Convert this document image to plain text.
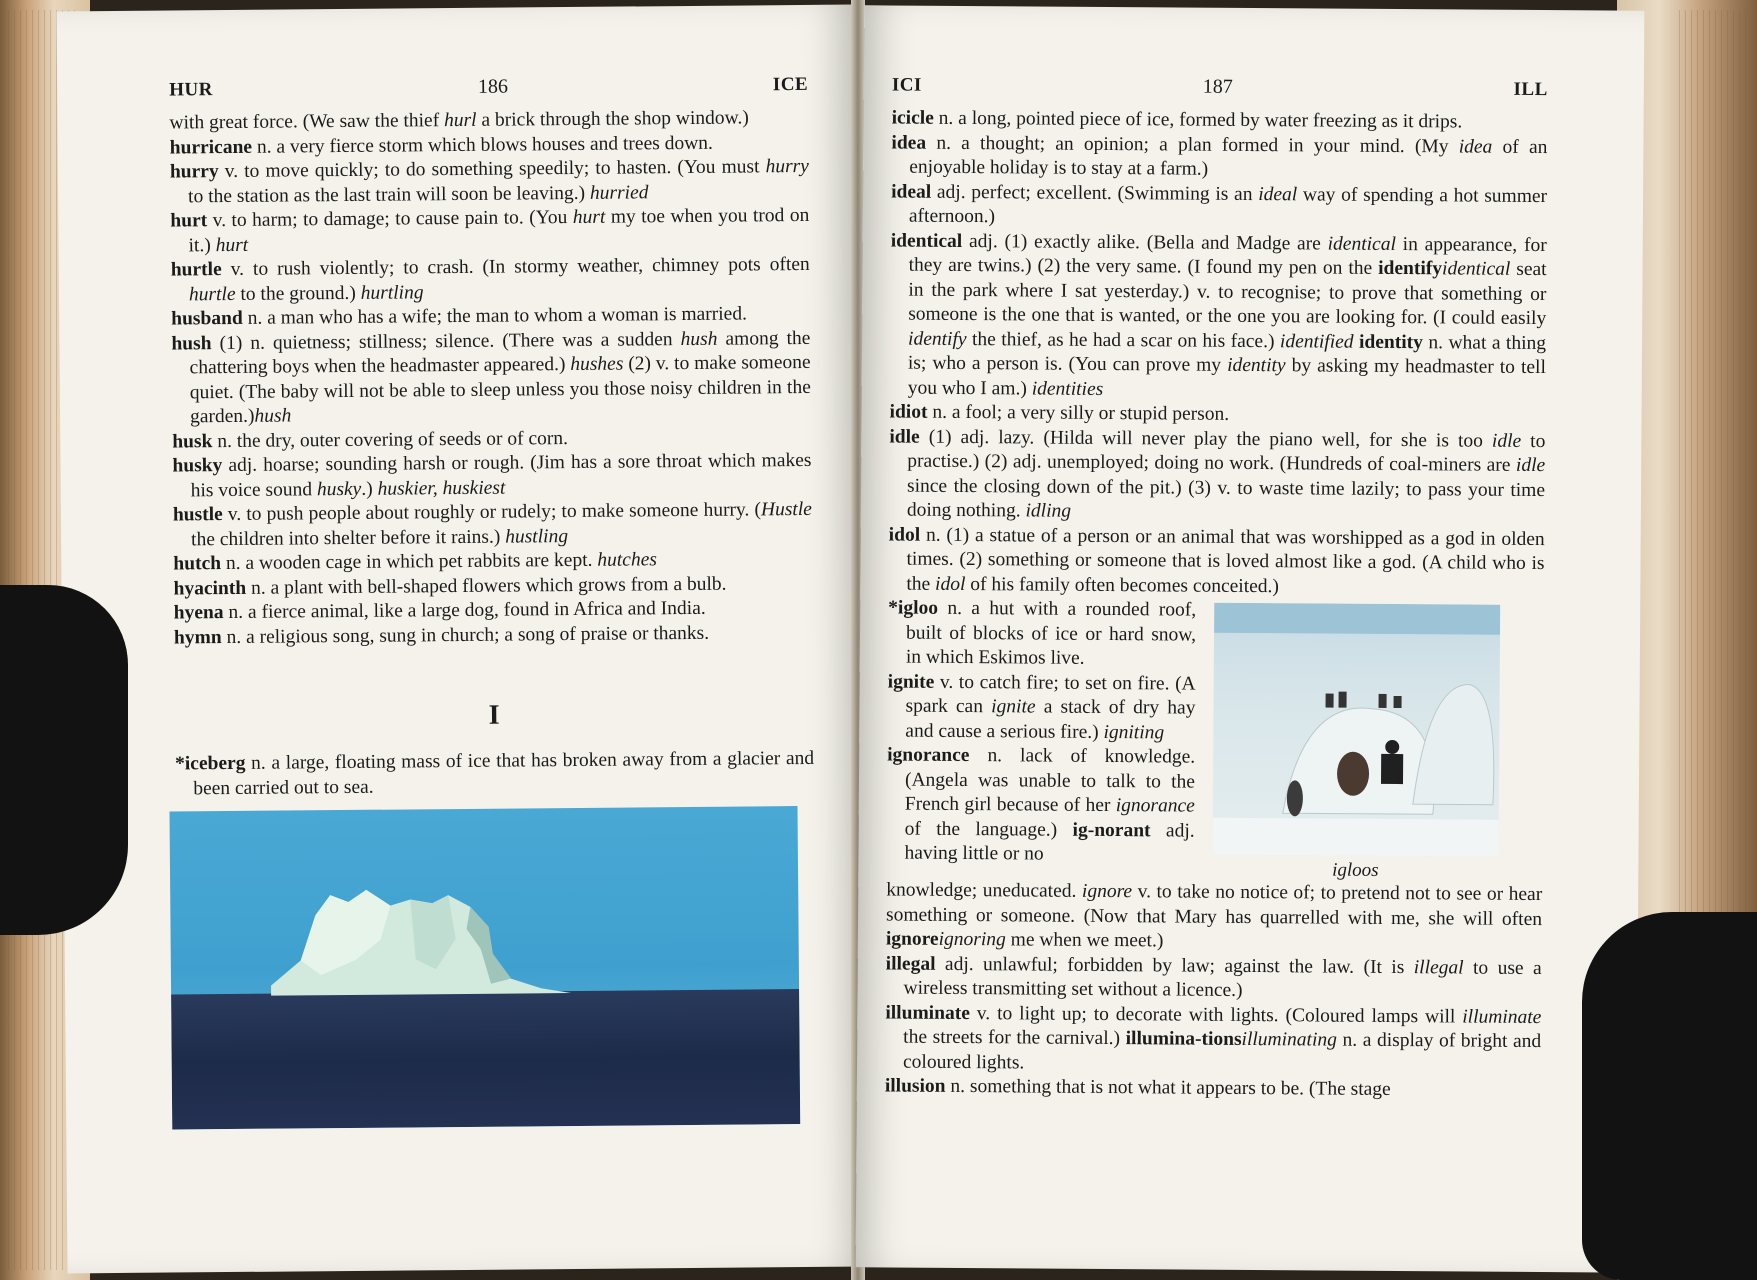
HUR	186	ICE
with great force. (We saw the thief hurl a brick through the shop window.)
hurricane n. a very fierce storm which blows houses and trees down.
hurry v. to move quickly; to do something speedily; to hasten. (You must hurry to the station as the last train will soon be leaving.) hurried
hurt v. to harm; to damage; to cause pain to. (You hurt my toe when you trod on it.) hurt
hurtle v. to rush violently; to crash. (In stormy weather, chimney pots often hurtle to the ground.) hurtling
husband n. a man who has a wife; the man to whom a woman is married.
hush (1) n. quietness; stillness; silence. (There was a sudden hush among the chattering boys when the headmaster appeared.) hushes (2) v. to make someone quiet. (The baby will not be able to sleep unless you those noisy children in the garden.)hush
husk n. the dry, outer covering of seeds or of corn.
husky adj. hoarse; sounding harsh or rough. (Jim has a sore throat which makes his voice sound husky.) huskier, huskiest
hustle v. to push people about roughly or rudely; to make someone hurry. (Hustle the children into shelter before it rains.) hustling
hutch n. a wooden cage in which pet rabbits are kept. hutches
hyacinth n. a plant with bell-shaped flowers which grows from a bulb.
hyena n. a fierce animal, like a large dog, found in Africa and India.
hymn n. a religious song, sung in church; a song of praise or thanks.
I
*iceberg n. a large, floating mass of ice that has broken away from a glacier and been carried out to sea.
ICI	187	ILL
icicle n. a long, pointed piece of ice, formed by water freezing as it drips.
idea n. a thought; an opinion; a plan formed in your mind. (My idea of an enjoyable holiday is to stay at a farm.)
ideal adj. perfect; excellent. (Swimming is an ideal way of spending a hot summer afternoon.)
identical adj. (1) exactly alike. (Bella and Madge are identical in appearance, for they are twins.) (2) the very same. (I found my pen on the identifyidentical seat in the park where I sat yesterday.) v. to recognise; to prove that something or someone is the one that is wanted, or the one you are looking for. (I could easily identify the thief, as he had a scar on his face.) identified identity n. what a thing is; who a person is. (You can prove my identity by asking my headmaster to tell you who I am.) identities
idiot n. a fool; a very silly or stupid person.
idle (1) adj. lazy. (Hilda will never play the piano well, for she is too idle to practise.) (2) adj. unemployed; doing no work. (Hundreds of coal-miners are idle since the closing down of the pit.) (3) v. to waste time lazily; to pass your time doing nothing. idling
idol n. (1) a statue of a person or an animal that was worshipped as a god in olden times. (2) something or someone that is loved almost like a god. (A child who is the idol of his family often becomes conceited.)
*igloo n. a hut with a rounded roof, built of blocks of ice or hard snow, in which Eskimos live.
ignite v. to catch fire; to set on fire. (A spark can ignite a stack of dry hay and cause a serious fire.) igniting
ignorance n. lack of knowledge. (Angela was unable to talk to the French girl because of her ignorance of the language.) ig-norant adj. having little or no
igloos
knowledge; uneducated. ignore v. to take no notice of; to pretend not to see or hear something or someone. (Now that Mary has quarrelled with me, she will often ignoreignoring me when we meet.)
illegal adj. unlawful; forbidden by law; against the law. (It is illegal to use a wireless transmitting set without a licence.)
illuminate v. to light up; to decorate with lights. (Coloured lamps will illuminate the streets for the carnival.) illumina-tionsilluminating n. a display of bright and coloured lights.
illusion n. something that is not what it appears to be. (The stage
